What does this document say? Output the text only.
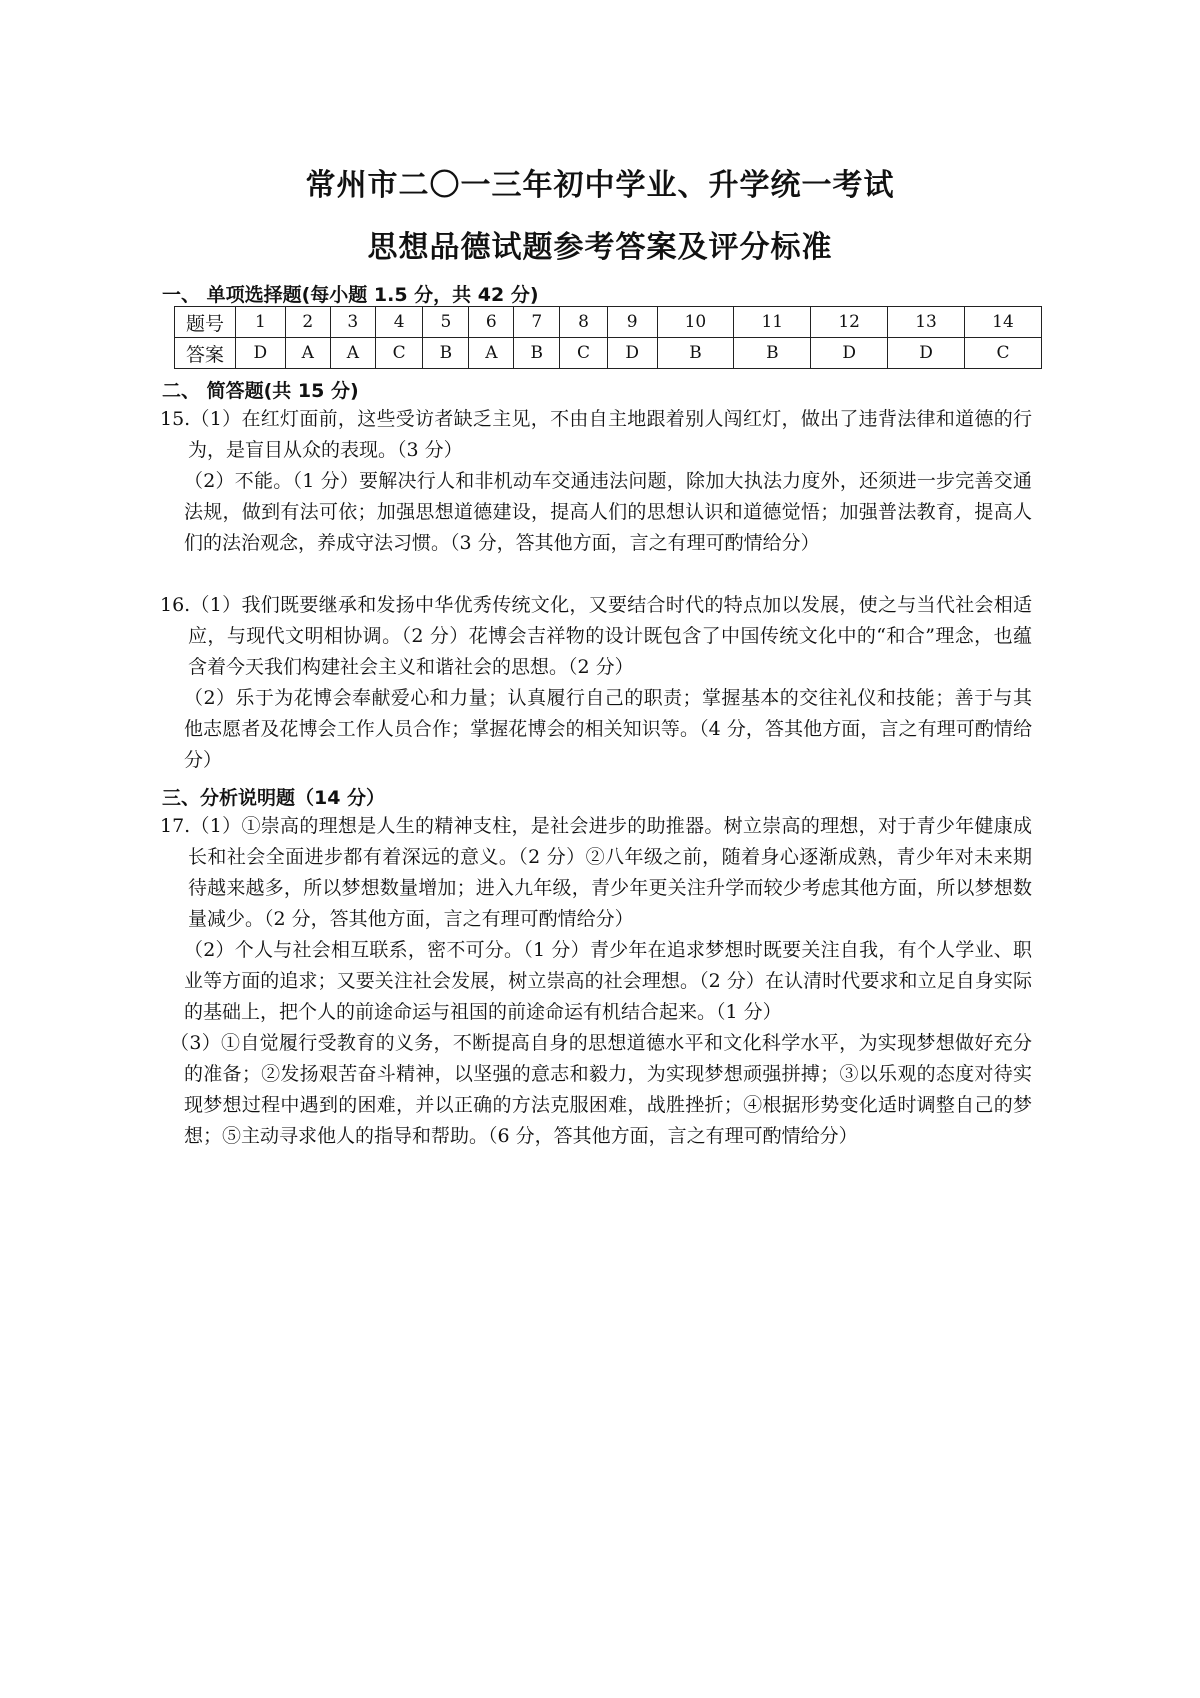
常州市二〇一三年初中学业、升学统一考试
思想品德试题参考答案及评分标准
一、 单项选择题(每小题 1.5 分，共 42 分)
题号	1	2	3	4	5	6	7	8	9	10	11	12	13	14
答案	D	A	A	C	B	A	B	C	D	B	B	D	D	C
二、 简答题(共 15 分)

15.（1）在红灯面前，这些受访者缺乏主见，不由自主地跟着别人闯红灯，做出了违背法律和道德的行为，是盲目从众的表现。（3 分）

（2）不能。（1 分）要解决行人和非机动车交通违法问题，除加大执法力度外，还须进一步完善交通法规，做到有法可依；加强思想道德建设，提高人们的思想认识和道德觉悟；加强普法教育，提高人们的法治观念，养成守法习惯。（3 分，答其他方面，言之有理可酌情给分）

16.（1）我们既要继承和发扬中华优秀传统文化，又要结合时代的特点加以发展，使之与当代社会相适应，与现代文明相协调。（2 分）花博会吉祥物的设计既包含了中国传统文化中的“和合”理念，也蕴含着今天我们构建社会主义和谐社会的思想。（2 分）

（2）乐于为花博会奉献爱心和力量；认真履行自己的职责；掌握基本的交往礼仪和技能；善于与其他志愿者及花博会工作人员合作；掌握花博会的相关知识等。（4 分，答其他方面，言之有理可酌情给分）

三、分析说明题（14 分）

17.（1）①崇高的理想是人生的精神支柱，是社会进步的助推器。树立崇高的理想，对于青少年健康成长和社会全面进步都有着深远的意义。（2 分）②八年级之前，随着身心逐渐成熟，青少年对未来期待越来越多，所以梦想数量增加；进入九年级，青少年更关注升学而较少考虑其他方面，所以梦想数量减少。（2 分，答其他方面，言之有理可酌情给分）

（2）个人与社会相互联系，密不可分。（1 分）青少年在追求梦想时既要关注自我，有个人学业、职业等方面的追求；又要关注社会发展，树立崇高的社会理想。（2 分）在认清时代要求和立足自身实际的基础上，把个人的前途命运与祖国的前途命运有机结合起来。（1 分）

（3）①自觉履行受教育的义务，不断提高自身的思想道德水平和文化科学水平，为实现梦想做好充分的准备；②发扬艰苦奋斗精神，以坚强的意志和毅力，为实现梦想顽强拼搏；③以乐观的态度对待实现梦想过程中遇到的困难，并以正确的方法克服困难，战胜挫折；④根据形势变化适时调整自己的梦想；⑤主动寻求他人的指导和帮助。（6 分，答其他方面，言之有理可酌情给分）
